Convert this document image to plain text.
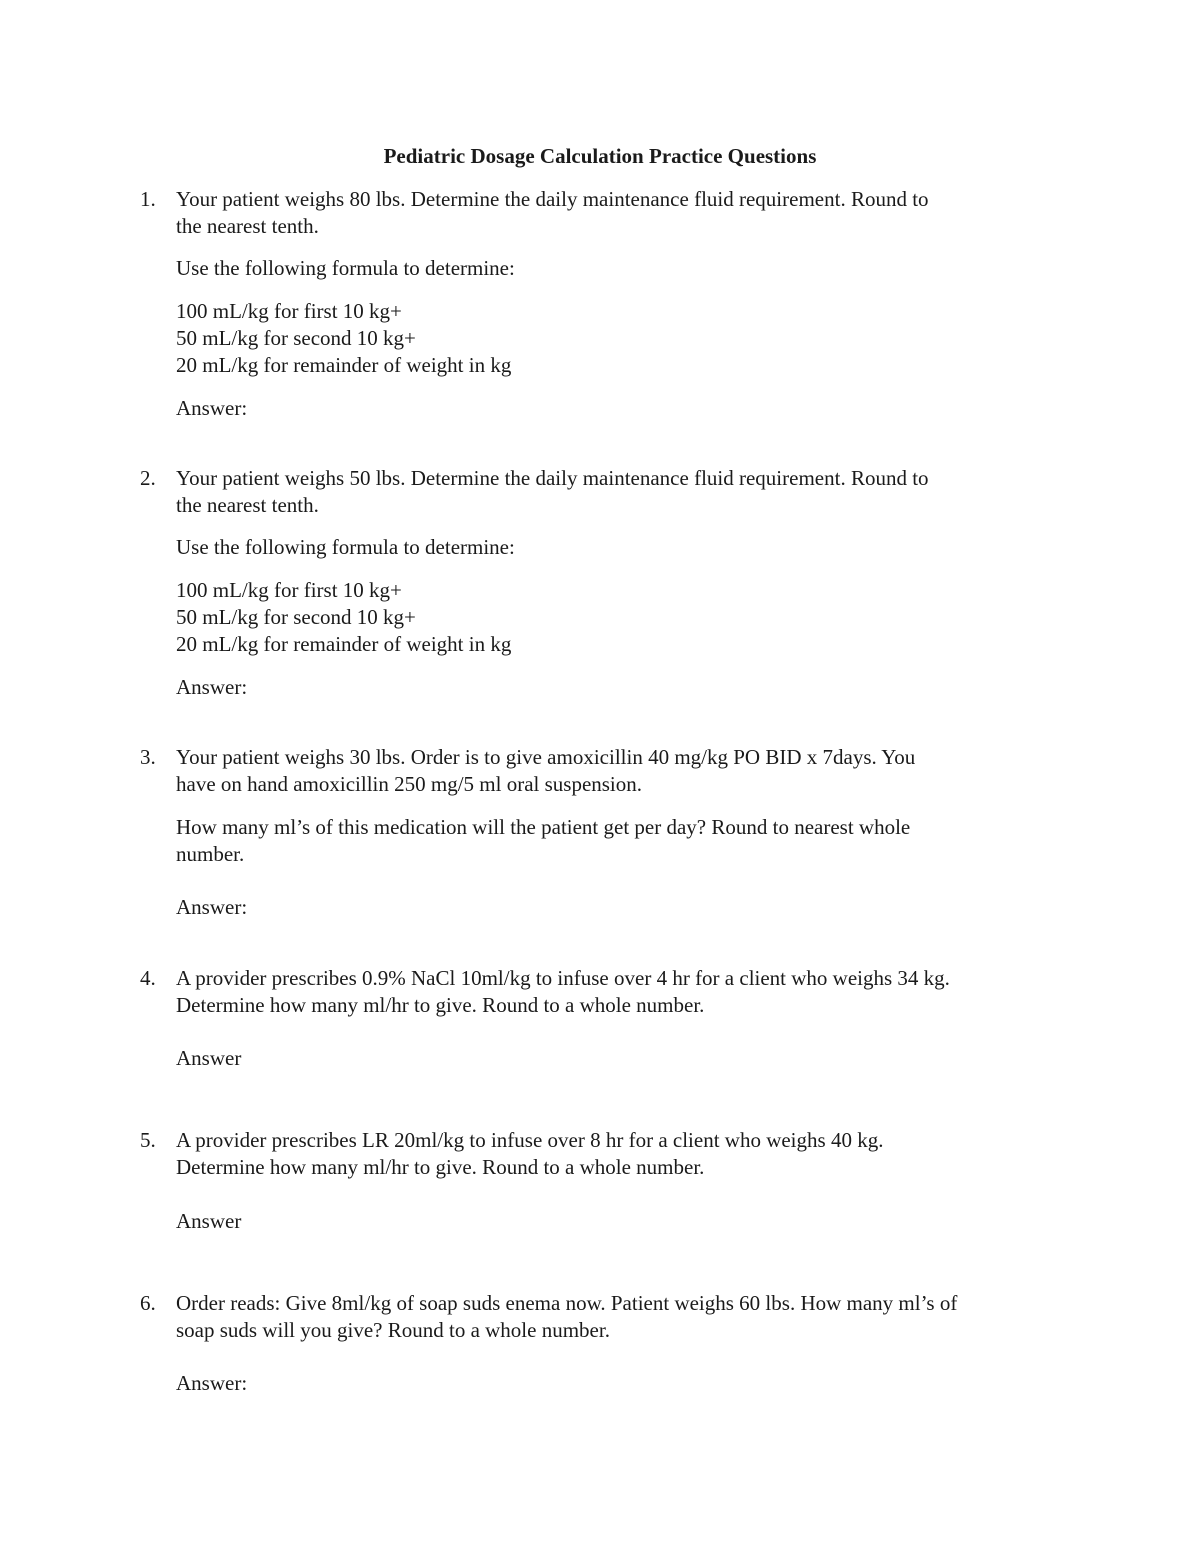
Pediatric Dosage Calculation Practice Questions
1. Your patient weighs 80 lbs. Determine the daily maintenance fluid requirement. Round to
the nearest tenth.
Use the following formula to determine:
100 mL/kg for first 10 kg+
50 mL/kg for second 10 kg+
20 mL/kg for remainder of weight in kg
Answer:
2. Your patient weighs 50 lbs. Determine the daily maintenance fluid requirement. Round to
the nearest tenth.
Use the following formula to determine:
100 mL/kg for first 10 kg+
50 mL/kg for second 10 kg+
20 mL/kg for remainder of weight in kg
Answer:
3. Your patient weighs 30 lbs. Order is to give amoxicillin 40 mg/kg PO BID x 7days. You
have on hand amoxicillin 250 mg/5 ml oral suspension.
How many ml’s of this medication will the patient get per day? Round to nearest whole
number.
Answer:
4. A provider prescribes 0.9% NaCl 10ml/kg to infuse over 4 hr for a client who weighs 34 kg.
Determine how many ml/hr to give. Round to a whole number.
Answer
5. A provider prescribes LR 20ml/kg to infuse over 8 hr for a client who weighs 40 kg.
Determine how many ml/hr to give. Round to a whole number.
Answer
6. Order reads: Give 8ml/kg of soap suds enema now. Patient weighs 60 lbs. How many ml’s of
soap suds will you give? Round to a whole number.
Answer:
